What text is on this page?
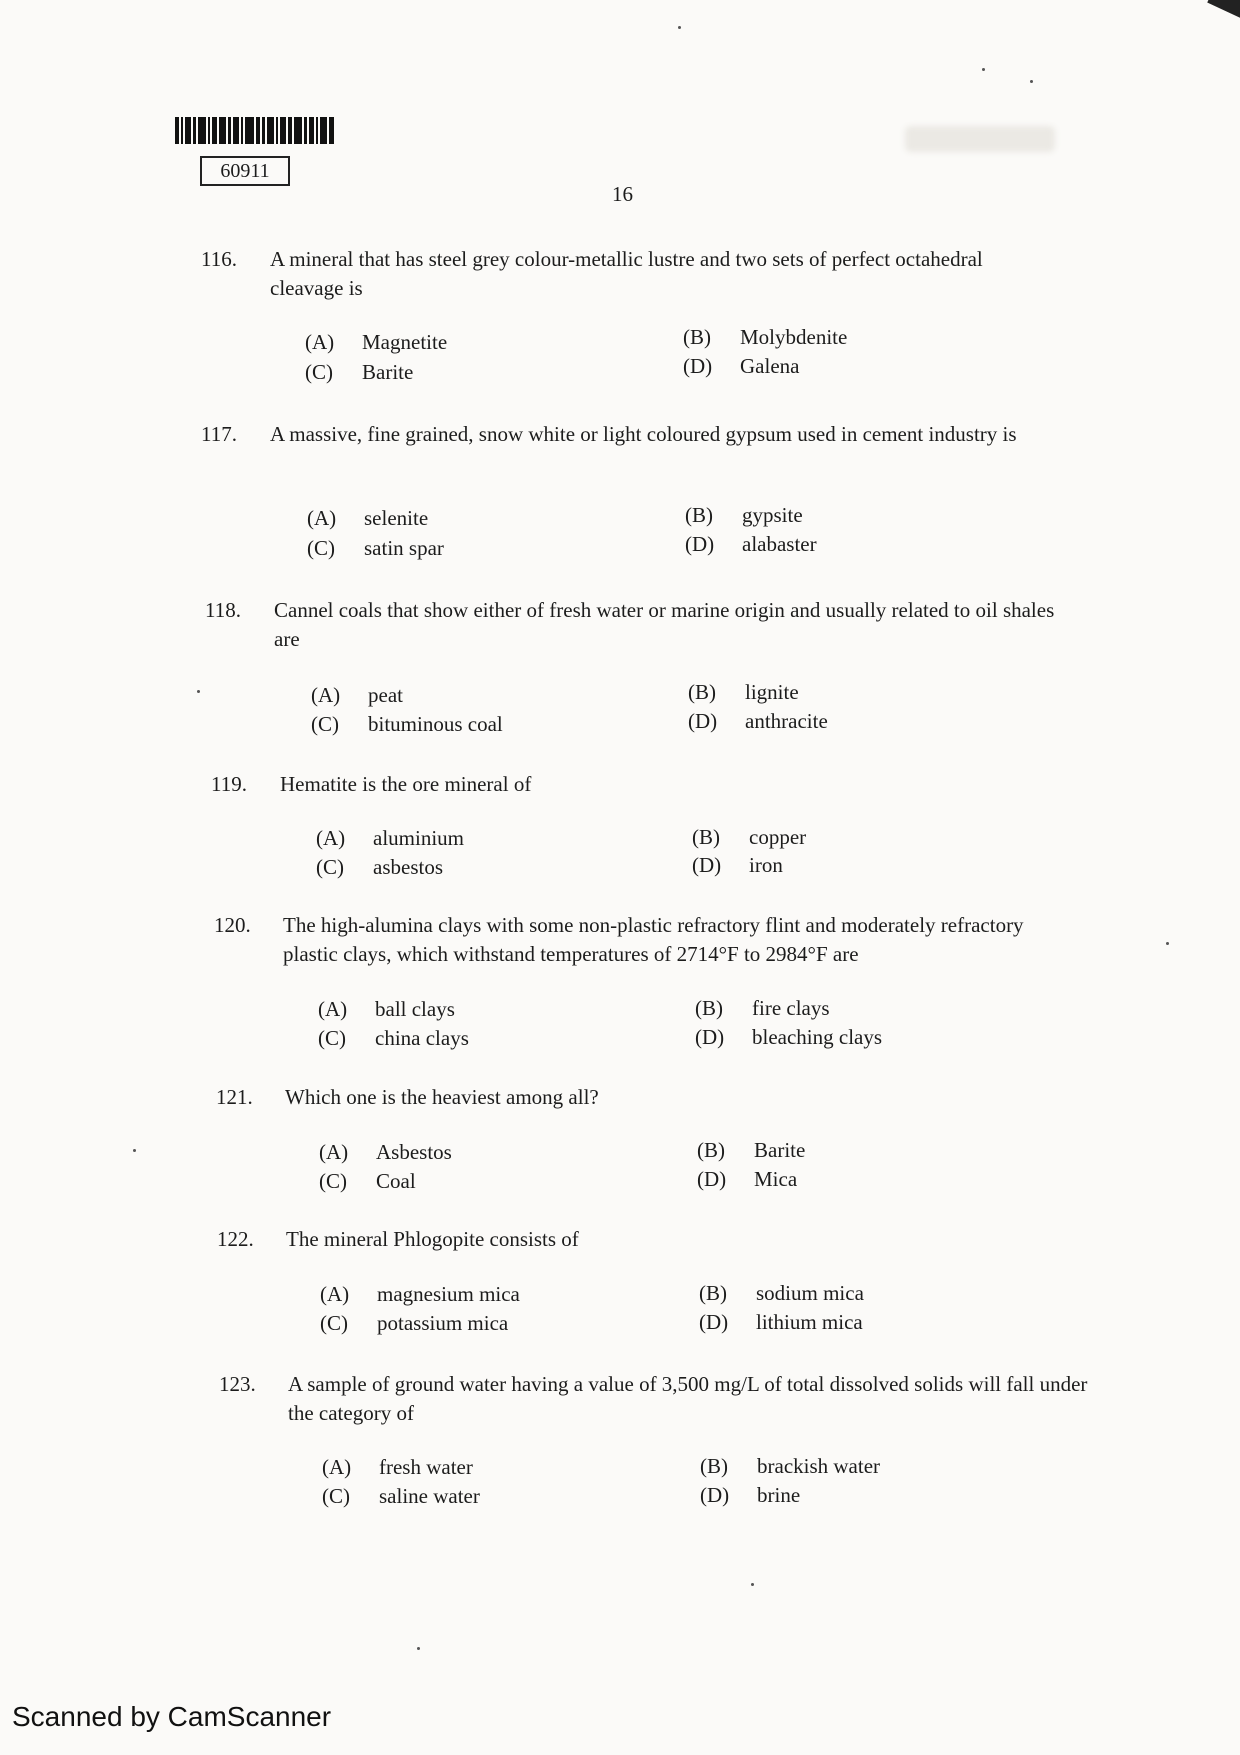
60911
16
116.	A mineral that has steel grey colour-metallic lustre and two sets of perfect octahedral cleavage is
(A) Magnetite	(B) Molybdenite
(C) Barite	(D) Galena
117.	A massive, fine grained, snow white or light coloured gypsum used in cement industry is
(A) selenite	(B) gypsite
(C) satin spar	(D) alabaster
118.	Cannel coals that show either of fresh water or marine origin and usually related to oil shales are
(A) peat	(B) lignite
(C) bituminous coal	(D) anthracite
119.	Hematite is the ore mineral of
(A) aluminium	(B) copper
(C) asbestos	(D) iron
120.	The high-alumina clays with some non-plastic refractory flint and moderately refractory plastic clays, which withstand temperatures of 2714°F to 2984°F are
(A) ball clays	(B) fire clays
(C) china clays	(D) bleaching clays
121.	Which one is the heaviest among all?
(A) Asbestos	(B) Barite
(C) Coal	(D) Mica
122.	The mineral Phlogopite consists of
(A) magnesium mica	(B) sodium mica
(C) potassium mica	(D) lithium mica
123.	A sample of ground water having a value of 3,500 mg/L of total dissolved solids will fall under the category of
(A) fresh water	(B) brackish water
(C) saline water	(D) brine
Scanned by CamScanner
